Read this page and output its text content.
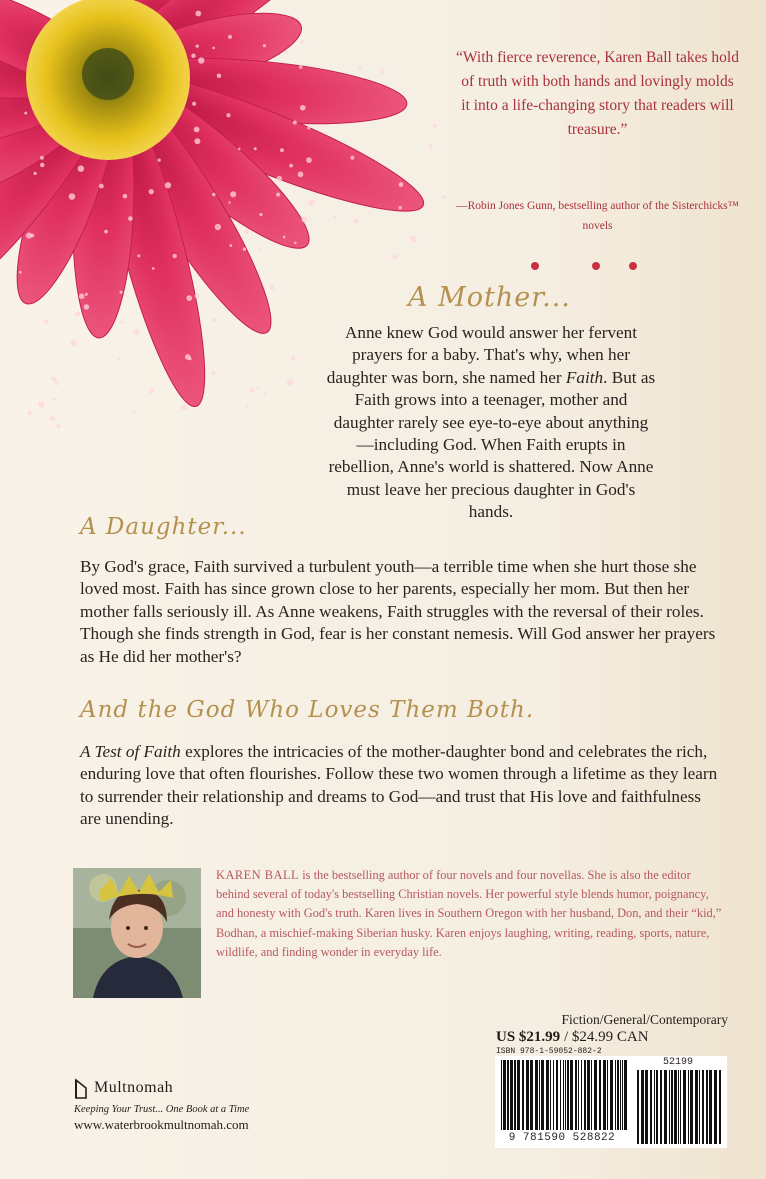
“With fierce reverence, Karen Ball takes hold of truth with both hands and lovingly molds it into a life-changing story that readers will treasure.”
—Robin Jones Gunn, bestselling author of the Sisterchicks™ novels
A Mother...
Anne knew God would answer her fervent prayers for a baby. That's why, when her daughter was born, she named her Faith. But as Faith grows into a teenager, mother and daughter rarely see eye-to-eye about anything—including God. When Faith erupts in rebellion, Anne's world is shattered. Now Anne must leave her precious daughter in God's hands.
A Daughter...
By God's grace, Faith survived a turbulent youth—a terrible time when she hurt those she loved most. Faith has since grown close to her parents, especially her mom. But then her mother falls seriously ill. As Anne weakens, Faith struggles with the reversal of their roles. Though she finds strength in God, fear is her constant nemesis. Will God answer her prayers as He did her mother's?
And the God Who Loves Them Both.
A Test of Faith explores the intricacies of the mother-daughter bond and celebrates the rich, enduring love that often flourishes. Follow these two women through a lifetime as they learn to surrender their relationship and dreams to God—and trust that His love and faithfulness are unending.
KAREN BALL is the bestselling author of four novels and four novellas. She is also the editor behind several of today's bestselling Christian novels. Her powerful style blends humor, poignancy, and honesty with God's truth. Karen lives in Southern Oregon with her husband, Don, and their “kid,” Bodhan, a mischief-making Siberian husky. Karen enjoys laughing, writing, reading, sports, nature, wildlife, and finding wonder in everyday life.
Fiction/General/Contemporary
US $21.99 / $24.99 CAN
ISBN 978-1-59052-882-2
9 781590 528822
52199
Multnomah
Keeping Your Trust... One Book at a Time
www.waterbrookmultnomah.com
